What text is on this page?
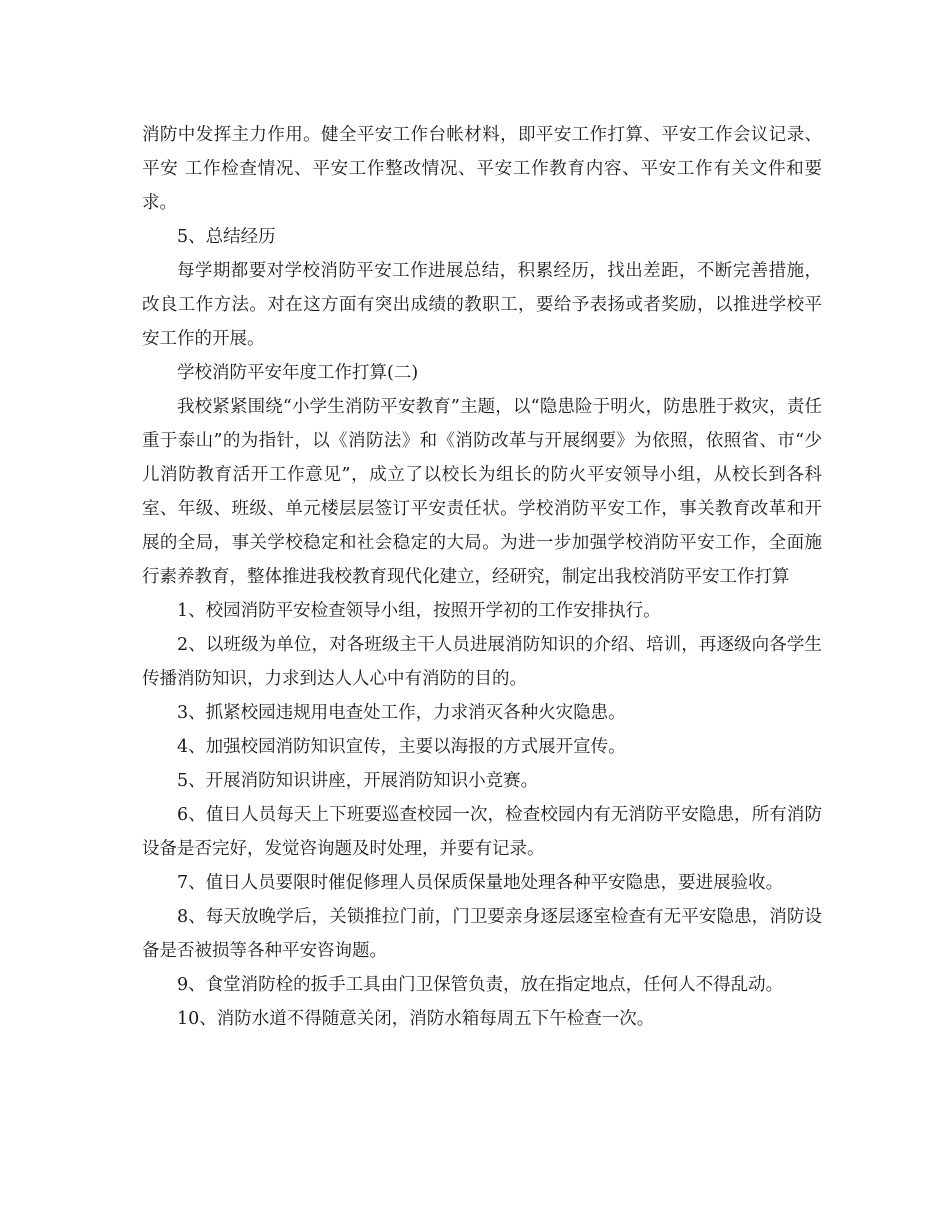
消防中发挥主力作用。健全平安工作台帐材料，即平安工作打算、平安工作会议记录、平安 工作检查情况、平安工作整改情况、平安工作教育内容、平安工作有关文件和要求。

5、总结经历

每学期都要对学校消防平安工作进展总结，积累经历，找出差距，不断完善措施，改良工作方法。对在这方面有突出成绩的教职工，要给予表扬或者奖励，以推进学校平安工作的开展。

学校消防平安年度工作打算(二)

我校紧紧围绕“小学生消防平安教育”主题，以“隐患险于明火，防患胜于救灾，责任重于泰山”的为指针，以《消防法》和《消防改革与开展纲要》为依照，依照省、市“少儿消防教育活开工作意见”，成立了以校长为组长的防火平安领导小组，从校长到各科室、年级、班级、单元楼层层签订平安责任状。学校消防平安工作，事关教育改革和开展的全局，事关学校稳定和社会稳定的大局。为进一步加强学校消防平安工作，全面施行素养教育，整体推进我校教育现代化建立，经研究，制定出我校消防平安工作打算

1、校园消防平安检查领导小组，按照开学初的工作安排执行。

2、以班级为单位，对各班级主干人员进展消防知识的介绍、培训，再逐级向各学生传播消防知识，力求到达人人心中有消防的目的。

3、抓紧校园违规用电查处工作，力求消灭各种火灾隐患。

4、加强校园消防知识宣传，主要以海报的方式展开宣传。

5、开展消防知识讲座，开展消防知识小竞赛。

6、值日人员每天上下班要巡查校园一次，检查校园内有无消防平安隐患，所有消防设备是否完好，发觉咨询题及时处理，并要有记录。

7、值日人员要限时催促修理人员保质保量地处理各种平安隐患，要进展验收。

8、每天放晚学后，关锁推拉门前，门卫要亲身逐层逐室检查有无平安隐患，消防设备是否被损等各种平安咨询题。

9、食堂消防栓的扳手工具由门卫保管负责，放在指定地点，任何人不得乱动。

10、消防水道不得随意关闭，消防水箱每周五下午检查一次。
